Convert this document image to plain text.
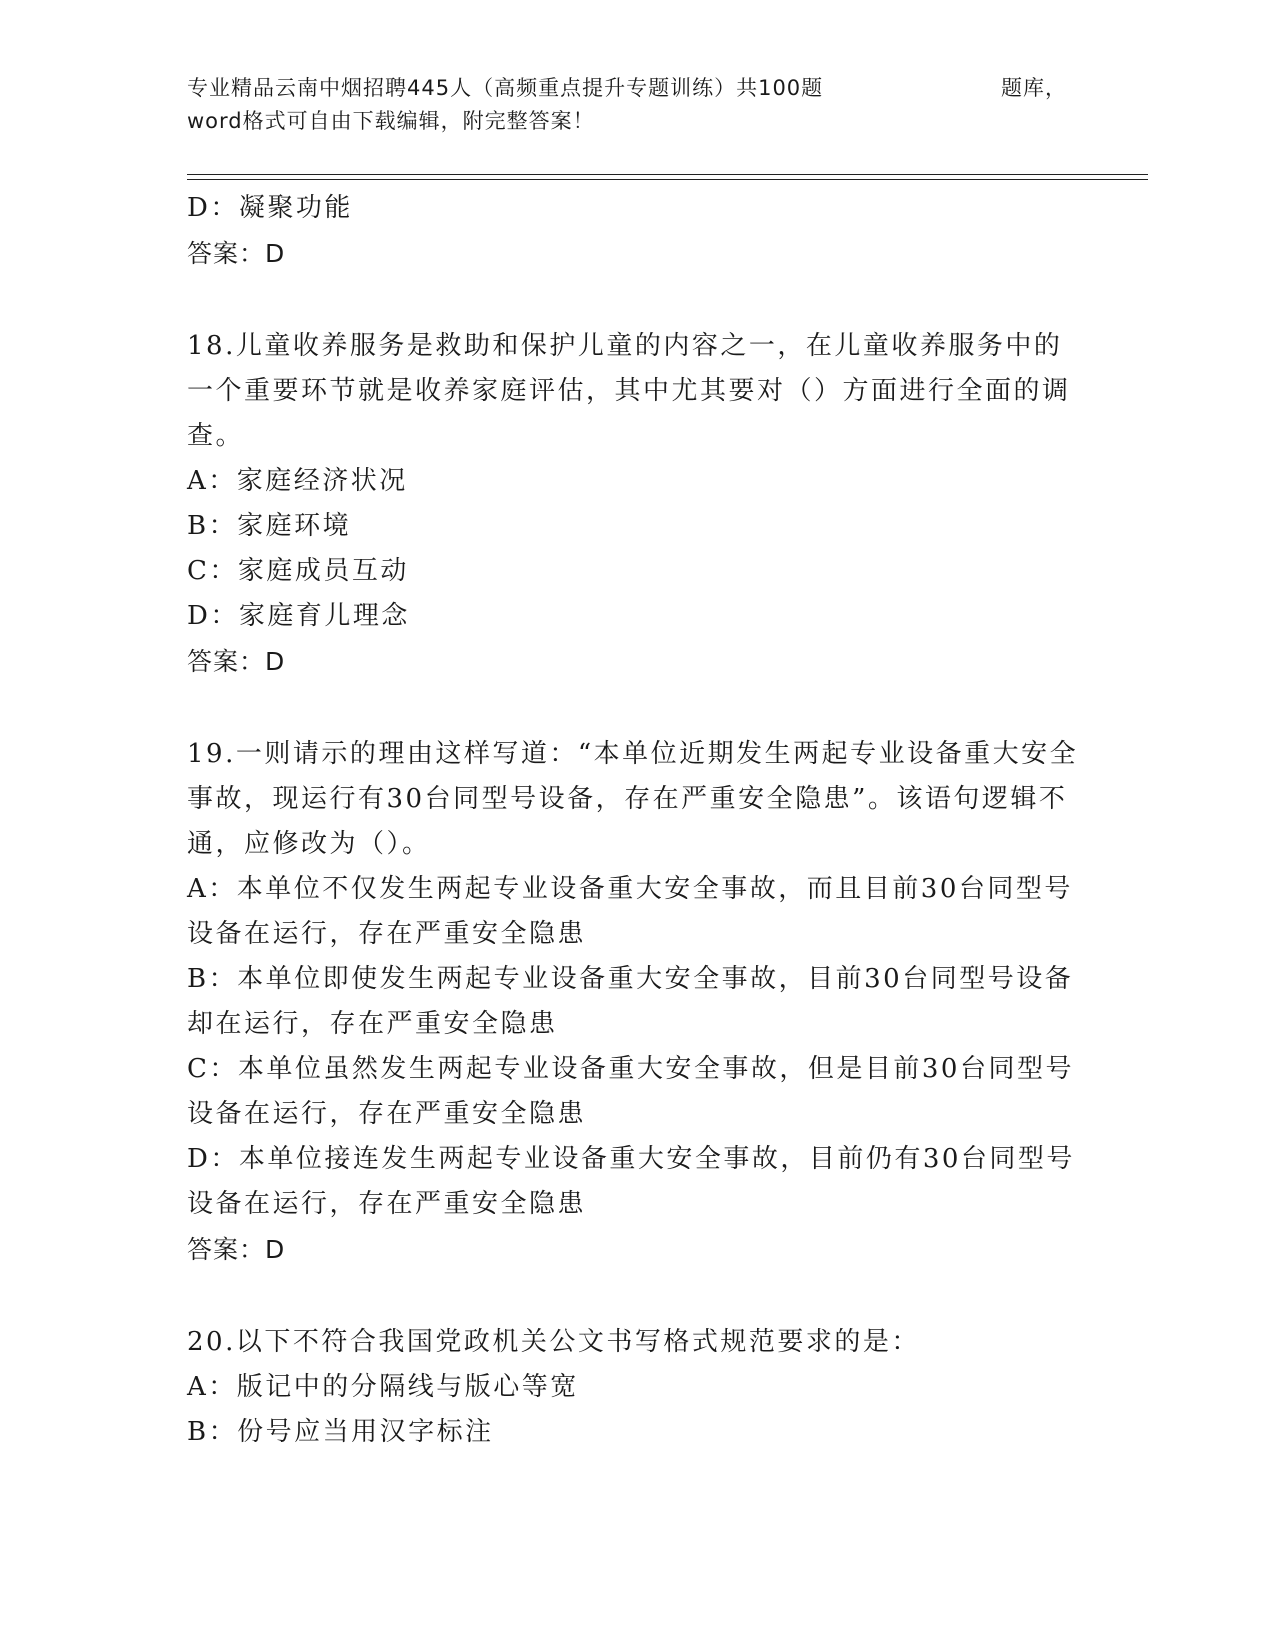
专业精品云南中烟招聘445人（高频重点提升专题训练）共100题	题库，
word格式可自由下载编辑，附完整答案！

D：凝聚功能

答案：D

18.儿童收养服务是救助和保护儿童的内容之一，在儿童收养服务中的一个重要环节就是收养家庭评估，其中尤其要对（）方面进行全面的调查。

A：家庭经济状况

B：家庭环境

C：家庭成员互动

D：家庭育儿理念

答案：D

19.一则请示的理由这样写道：“本单位近期发生两起专业设备重大安全事故，现运行有30台同型号设备，存在严重安全隐患”。该语句逻辑不通，应修改为（）。

A：本单位不仅发生两起专业设备重大安全事故，而且目前30台同型号设备在运行，存在严重安全隐患

B：本单位即使发生两起专业设备重大安全事故，目前30台同型号设备却在运行，存在严重安全隐患

C：本单位虽然发生两起专业设备重大安全事故，但是目前30台同型号设备在运行，存在严重安全隐患

D：本单位接连发生两起专业设备重大安全事故，目前仍有30台同型号设备在运行，存在严重安全隐患

答案：D

20.以下不符合我国党政机关公文书写格式规范要求的是：

A：版记中的分隔线与版心等宽

B：份号应当用汉字标注
